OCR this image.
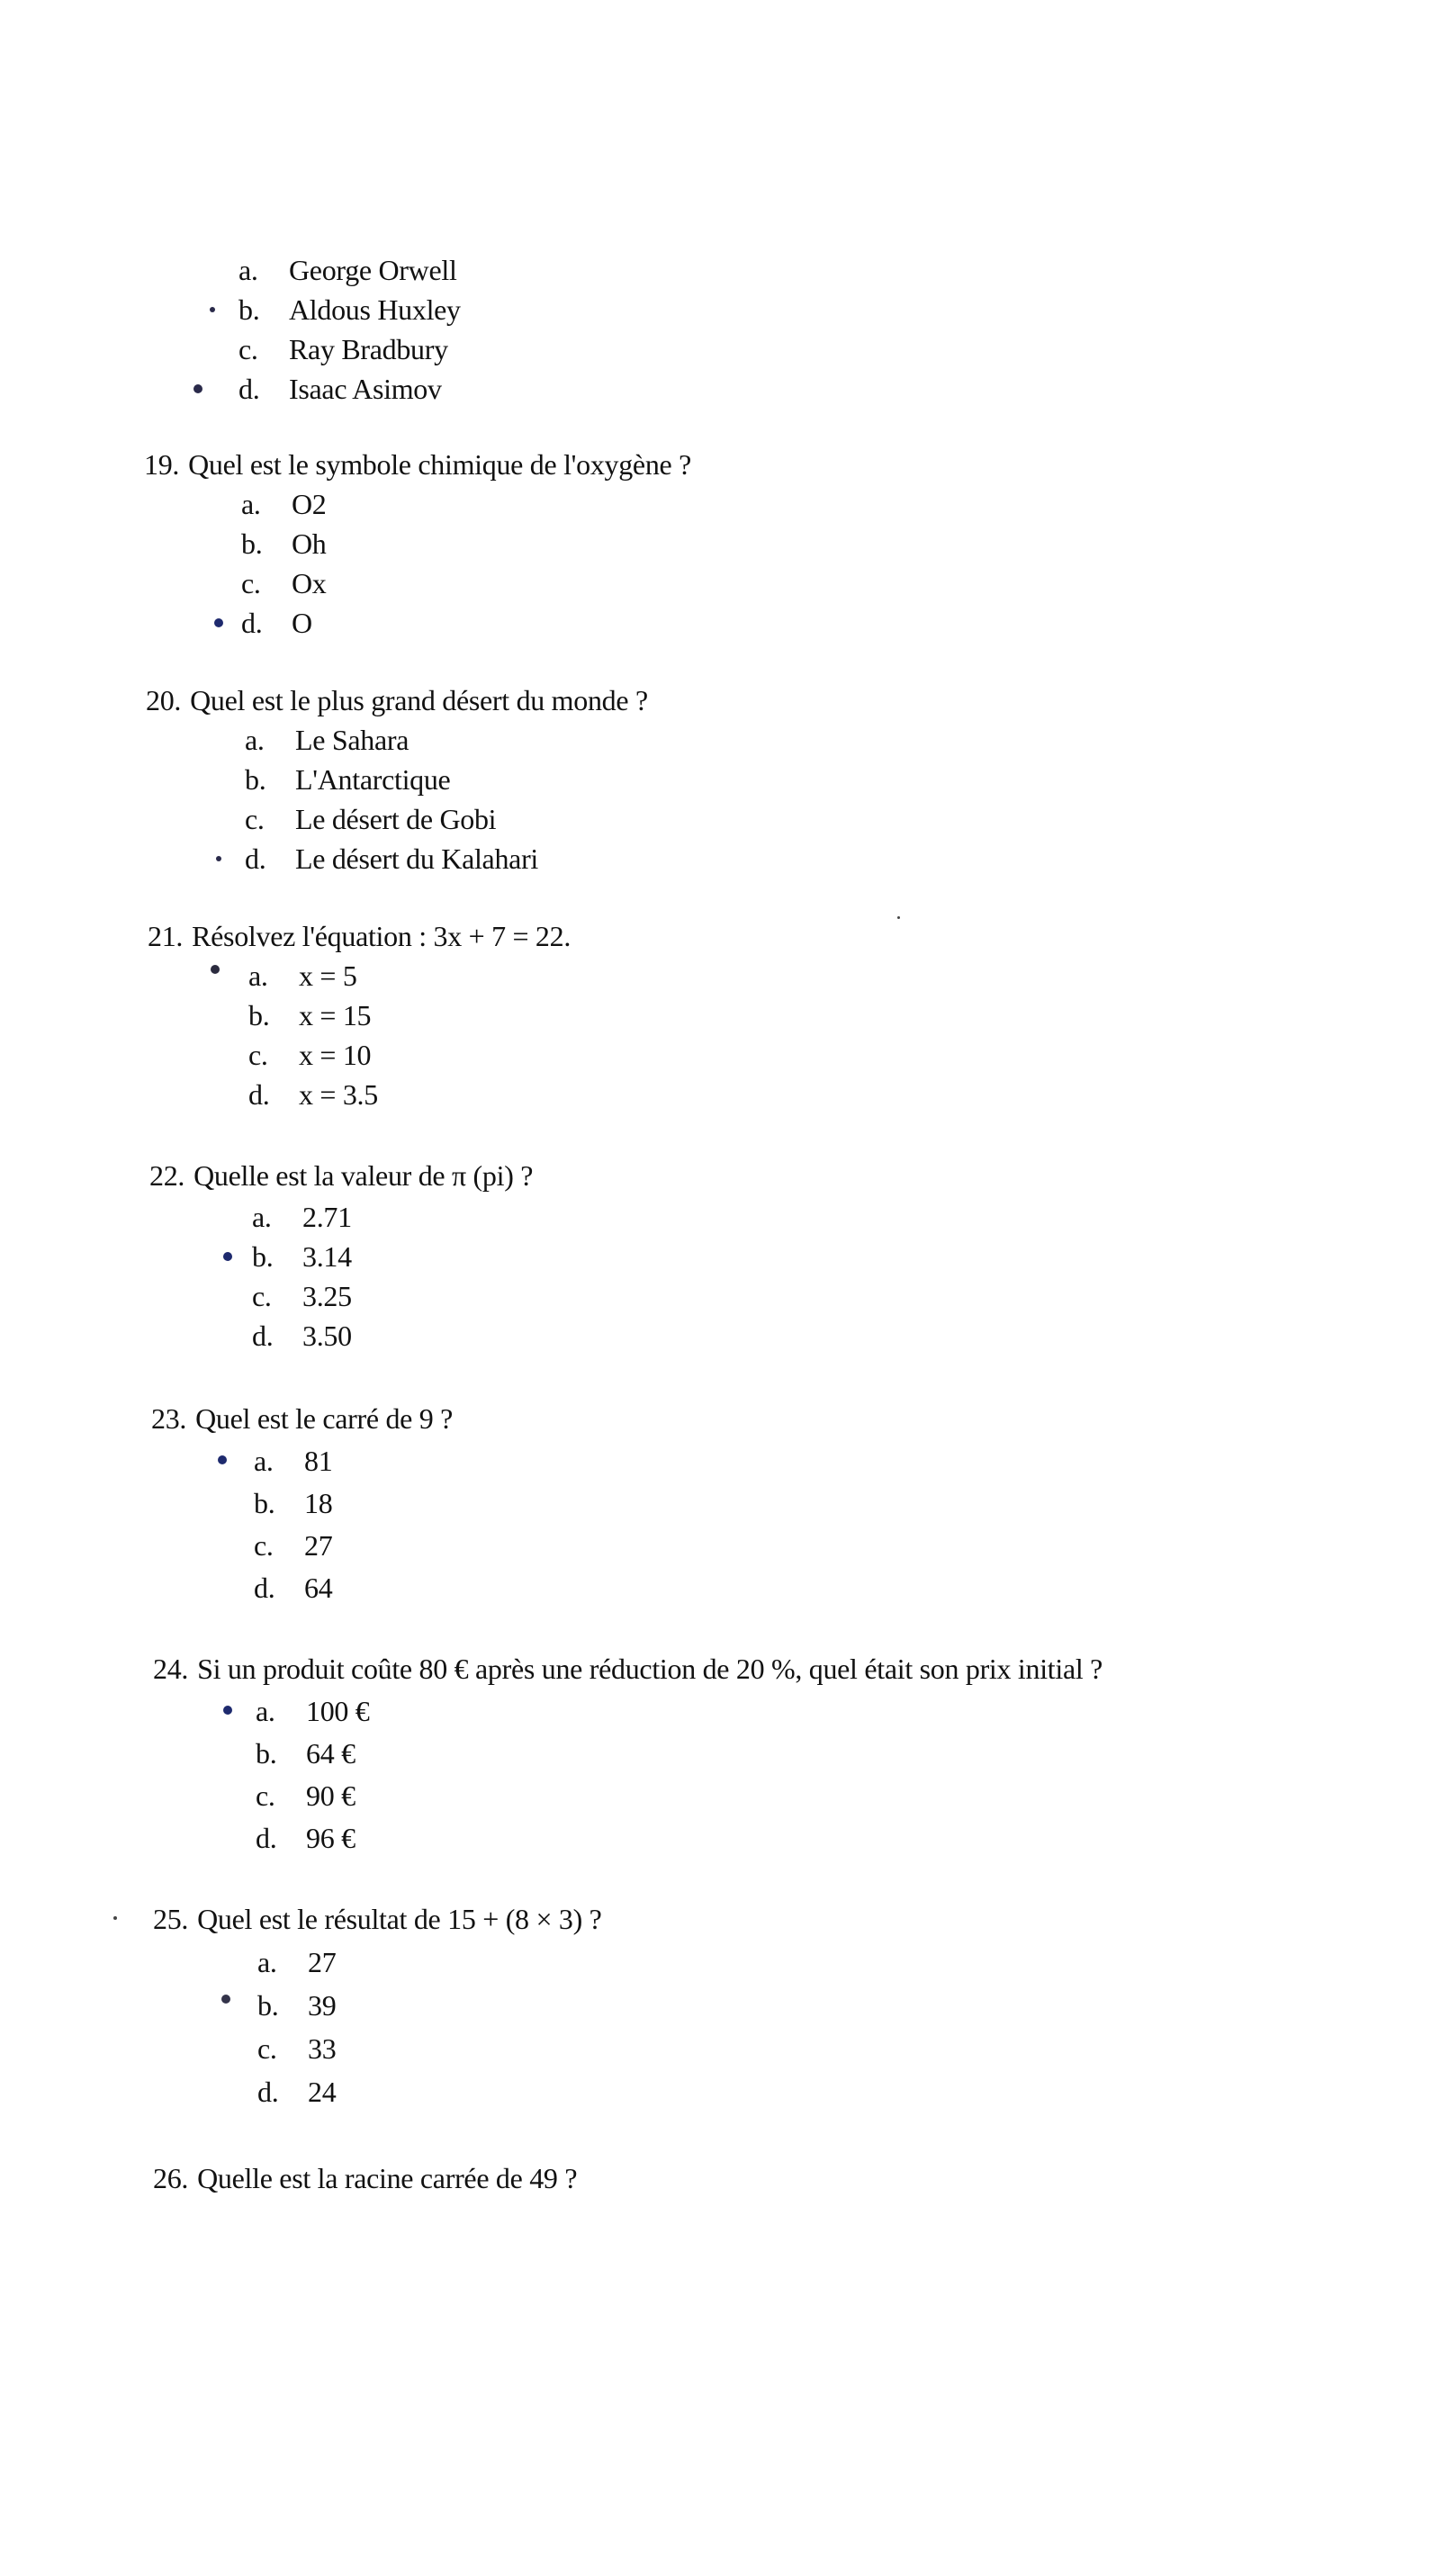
a. George Orwell
b. Aldous Huxley
c. Ray Bradbury
d. Isaac Asimov
19. Quel est le symbole chimique de l'oxygène ?
a. O2
b. Oh
c. Ox
d. O
20. Quel est le plus grand désert du monde ?
a. Le Sahara
b. L'Antarctique
c. Le désert de Gobi
d. Le désert du Kalahari
21. Résolvez l'équation : 3x + 7 = 22.
a. x = 5
b. x = 15
c. x = 10
d. x = 3.5
22. Quelle est la valeur de π (pi) ?
a. 2.71
b. 3.14
c. 3.25
d. 3.50
23. Quel est le carré de 9 ?
a. 81
b. 18
c. 27
d. 64
24. Si un produit coûte 80 € après une réduction de 20 %, quel était son prix initial ?
a. 100 €
b. 64 €
c. 90 €
d. 96 €
25. Quel est le résultat de 15 + (8 × 3) ?
a. 27
b. 39
c. 33
d. 24
26. Quelle est la racine carrée de 49 ?
